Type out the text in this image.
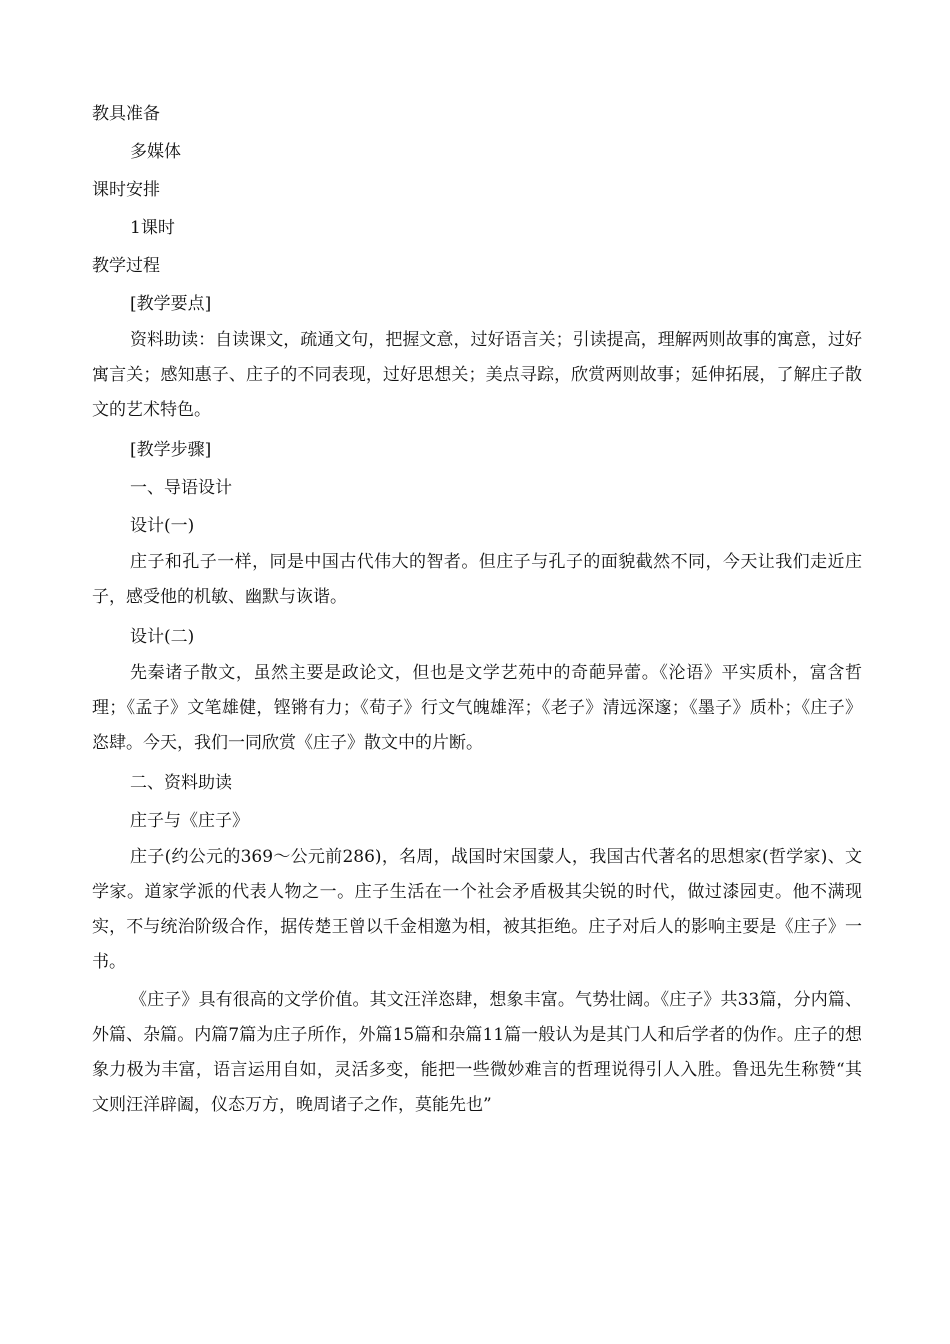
教具准备

多媒体

课时安排

1课时

教学过程

[教学要点]

资料助读：自读课文，疏通文句，把握文意，过好语言关；引读提高，理解两则故事的寓意，过好寓言关；感知惠子、庄子的不同表现，过好思想关；美点寻踪，欣赏两则故事；延伸拓展，了解庄子散文的艺术特色。

[教学步骤]

一、导语设计

设计(一)

庄子和孔子一样，同是中国古代伟大的智者。但庄子与孔子的面貌截然不同，今天让我们走近庄子，感受他的机敏、幽默与诙谐。

设计(二)

先秦诸子散文，虽然主要是政论文，但也是文学艺苑中的奇葩异蕾。《沦语》平实质朴，富含哲理；《孟子》文笔雄健，铿锵有力；《荀子》行文气魄雄浑；《老子》清远深邃；《墨子》质朴；《庄子》恣肆。今天，我们一同欣赏《庄子》散文中的片断。

二、资料助读

庄子与《庄子》

庄子(约公元的369～公元前286)，名周，战国时宋国蒙人，我国古代著名的思想家(哲学家)、文学家。道家学派的代表人物之一。庄子生活在一个社会矛盾极其尖锐的时代，做过漆园吏。他不满现实，不与统治阶级合作，据传楚王曾以千金相邀为相，被其拒绝。庄子对后人的影响主要是《庄子》一书。

《庄子》具有很高的文学价值。其文汪洋恣肆，想象丰富。气势壮阔。《庄子》共33篇，分内篇、外篇、杂篇。内篇7篇为庄子所作，外篇15篇和杂篇11篇一般认为是其门人和后学者的伪作。庄子的想象力极为丰富，语言运用自如，灵活多变，能把一些微妙难言的哲理说得引人入胜。鲁迅先生称赞“其文则汪洋辟阖，仪态万方，晚周诸子之作，莫能先也”
